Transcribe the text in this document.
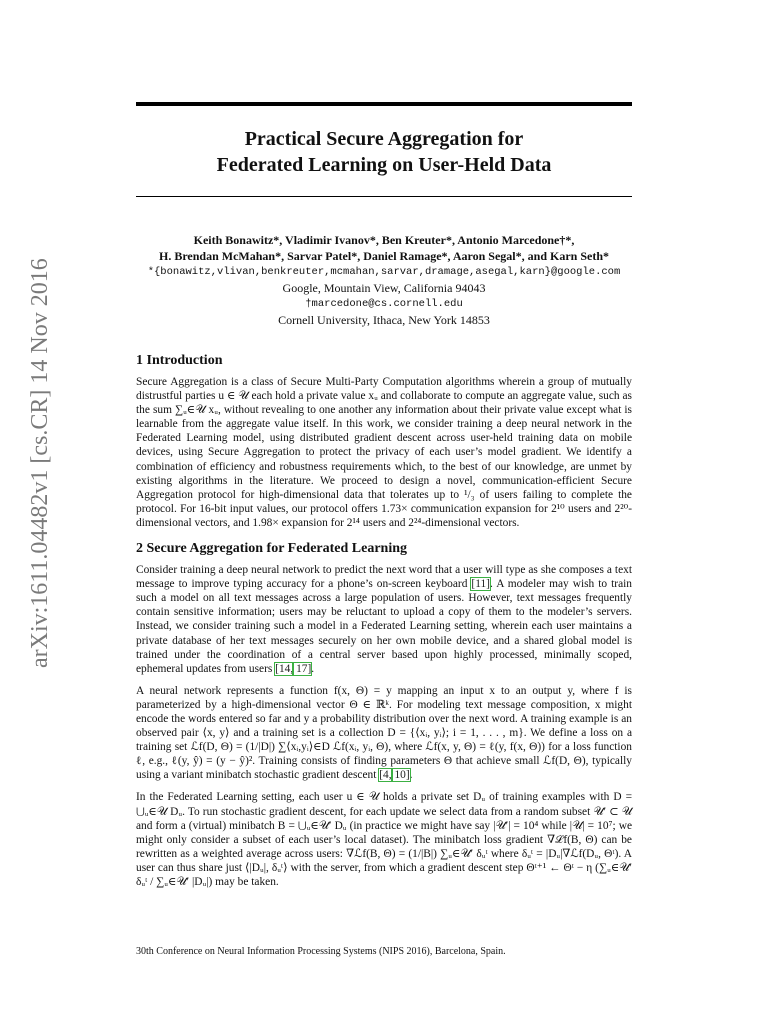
arXiv:1611.04482v1 [cs.CR] 14 Nov 2016
Practical Secure Aggregation for
Federated Learning on User-Held Data
Keith Bonawitz*, Vladimir Ivanov*, Ben Kreuter*, Antonio Marcedone†*,
H. Brendan McMahan*, Sarvar Patel*, Daniel Ramage*, Aaron Segal*, and Karn Seth*
*{bonawitz,vlivan,benkreuter,mcmahan,sarvar,dramage,asegal,karn}@google.com
Google, Mountain View, California 94043
†marcedone@cs.cornell.edu
Cornell University, Ithaca, New York 14853
1 Introduction

Secure Aggregation is a class of Secure Multi-Party Computation algorithms wherein a group of mutually distrustful parties u ∈ 𝒰 each hold a private value xᵤ and collaborate to compute an aggregate value, such as the sum ∑ᵤ∈𝒰 xᵤ, without revealing to one another any information about their private value except what is learnable from the aggregate value itself. In this work, we consider training a deep neural network in the Federated Learning model, using distributed gradient descent across user-held training data on mobile devices, using Secure Aggregation to protect the privacy of each user’s model gradient. We identify a combination of efficiency and robustness requirements which, to the best of our knowledge, are unmet by existing algorithms in the literature. We proceed to design a novel, communication-efficient Secure Aggregation protocol for high-dimensional data that tolerates up to ¹/₃ of users failing to complete the protocol. For 16-bit input values, our protocol offers 1.73× communication expansion for 2¹⁰ users and 2²⁰-dimensional vectors, and 1.98× expansion for 2¹⁴ users and 2²⁴-dimensional vectors.

2 Secure Aggregation for Federated Learning

Consider training a deep neural network to predict the next word that a user will type as she composes a text message to improve typing accuracy for a phone’s on-screen keyboard [11]. A modeler may wish to train such a model on all text messages across a large population of users. However, text messages frequently contain sensitive information; users may be reluctant to upload a copy of them to the modeler’s servers. Instead, we consider training such a model in a Federated Learning setting, wherein each user maintains a private database of her text messages securely on her own mobile device, and a shared global model is trained under the coordination of a central server based upon highly processed, minimally scoped, ephemeral updates from users [14, 17].

A neural network represents a function f(x, Θ) = y mapping an input x to an output y, where f is parameterized by a high-dimensional vector Θ ∈ ℝᵏ. For modeling text message composition, x might encode the words entered so far and y a probability distribution over the next word. A training example is an observed pair ⟨x, y⟩ and a training set is a collection D = {⟨xᵢ, yᵢ⟩; i = 1, . . . , m}. We define a loss on a training set ℒf(D, Θ) = (1/|D|) ∑⟨xᵢ,yᵢ⟩∈D ℒf(xᵢ, yᵢ, Θ), where ℒf(x, y, Θ) = ℓ(y, f(x, Θ)) for a loss function ℓ, e.g., ℓ(y, ŷ) = (y − ŷ)². Training consists of finding parameters Θ that achieve small ℒf(D, Θ), typically using a variant minibatch stochastic gradient descent [4, 10].

In the Federated Learning setting, each user u ∈ 𝒰 holds a private set Dᵤ of training examples with D = ⋃ᵤ∈𝒰 Dᵤ. To run stochastic gradient descent, for each update we select data from a random subset 𝒰′ ⊂ 𝒰 and form a (virtual) minibatch B = ⋃ᵤ∈𝒰′ Dᵤ (in practice we might have say |𝒰′| = 10⁴ while |𝒰| = 10⁷; we might only consider a subset of each user’s local dataset). The minibatch loss gradient ∇ℒf(B, Θ) can be rewritten as a weighted average across users: ∇ℒf(B, Θ) = (1/|B|) ∑ᵤ∈𝒰′ δᵤᵗ where δᵤᵗ = |Dᵤ|∇ℒf(Dᵤ, Θᵗ). A user can thus share just ⟨|Dᵤ|, δᵤᵗ⟩ with the server, from which a gradient descent step Θᵗ⁺¹ ← Θᵗ − η (∑ᵤ∈𝒰′ δᵤᵗ / ∑ᵤ∈𝒰′ |Dᵤ|) may be taken.

30th Conference on Neural Information Processing Systems (NIPS 2016), Barcelona, Spain.
